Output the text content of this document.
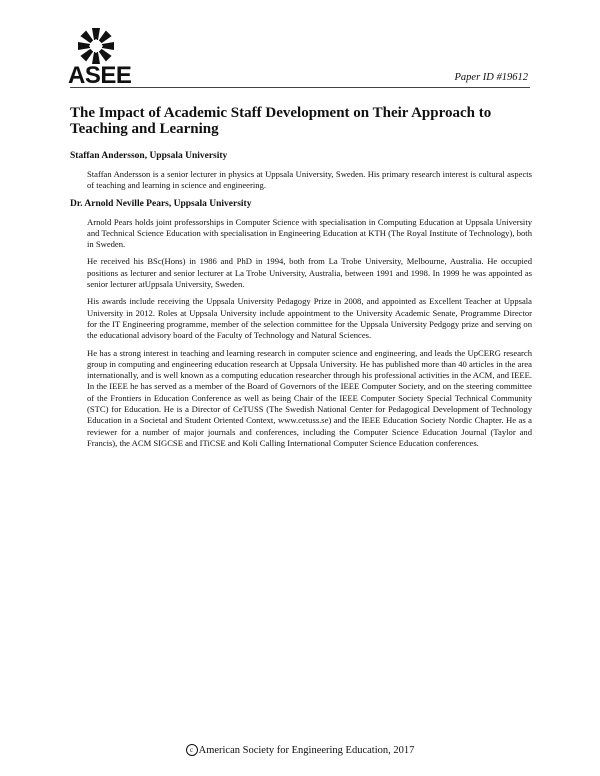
ASEE	Paper ID #19612
The Impact of Academic Staff Development on Their Approach to Teaching and Learning
Staffan Andersson, Uppsala University

Staffan Andersson is a senior lecturer in physics at Uppsala University, Sweden. His primary research interest is cultural aspects of teaching and learning in science and engineering.

Dr. Arnold Neville Pears, Uppsala University

Arnold Pears holds joint professorships in Computer Science with specialisation in Computing Education at Uppsala University and Technical Science Education with specialisation in Engineering Education at KTH (The Royal Institute of Technology), both in Sweden.

He received his BSc(Hons) in 1986 and PhD in 1994, both from La Trobe University, Melbourne, Australia. He occupied positions as lecturer and senior lecturer at La Trobe University, Australia, between 1991 and 1998. In 1999 he was appointed as senior lecturer atUppsala University, Sweden.

His awards include receiving the Uppsala University Pedagogy Prize in 2008, and appointed as Excellent Teacher at Uppsala University in 2012. Roles at Uppsala University include appointment to the University Academic Senate, Programme Director for the IT Engineering programme, member of the selection committee for the Uppsala University Pedgogy prize and serving on the educational advisory board of the Faculty of Technology and Natural Sciences.

He has a strong interest in teaching and learning research in computer science and engineering, and leads the UpCERG research group in computing and engineering education research at Uppsala University. He has published more than 40 articles in the area internationally, and is well known as a computing education researcher through his professional activities in the ACM, and IEEE. In the IEEE he has served as a member of the Board of Governors of the IEEE Computer Society, and on the steering committee of the Frontiers in Education Conference as well as being Chair of the IEEE Computer Society Special Technical Community (STC) for Education. He is a Director of CeTUSS (The Swedish National Center for Pedagogical Development of Technology Education in a Societal and Student Oriented Context, www.cetuss.se) and the IEEE Education Society Nordic Chapter. He as a reviewer for a number of major journals and conferences, including the Computer Science Education Journal (Taylor and Francis), the ACM SIGCSE and ITiCSE and Koli Calling International Computer Science Education conferences.

c American Society for Engineering Education, 2017
